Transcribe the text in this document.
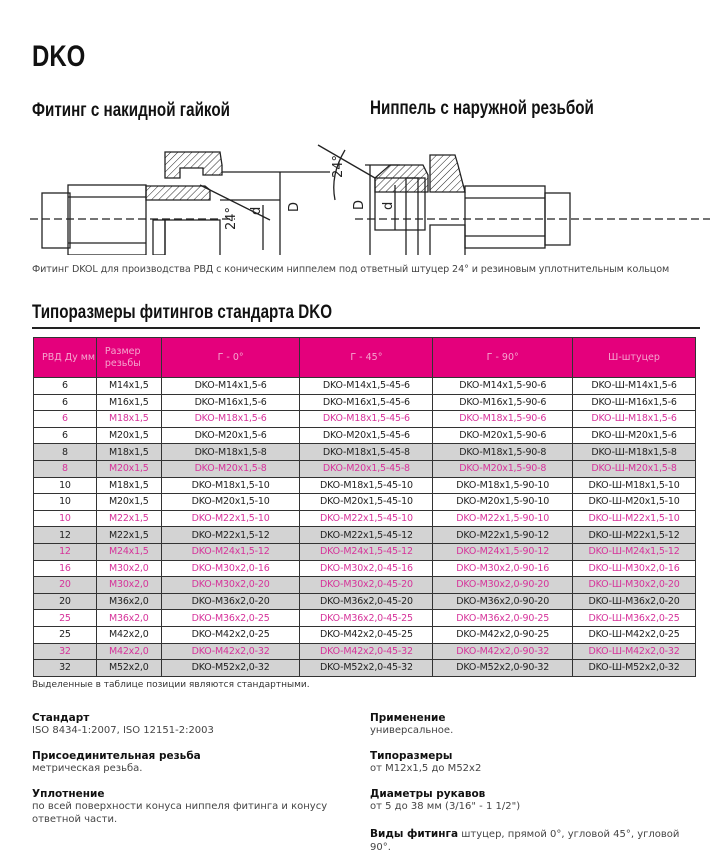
DKO
Фитинг с накидной гайкой	Ниппель с наружной резьбой
24° d D
24°
D d
Фитинг DKOL для производства РВД с коническим ниппелем под ответный штуцер 24° и резиновым уплотнительным кольцом
Типоразмеры фитингов стандарта DKO
РВД Ду мм	Размер резьбы	Г - 0°	Г - 45°	Г - 90°	Ш-штуцер
6	M14x1,5	DKO-M14x1,5-6	DKO-M14x1,5-45-6	DKO-M14x1,5-90-6	DKO-Ш-M14x1,5-6
6	M16x1,5	DKO-M16x1,5-6	DKO-M16x1,5-45-6	DKO-M16x1,5-90-6	DKO-Ш-M16x1,5-6
6	M18x1,5	DKO-M18x1,5-6	DKO-M18x1,5-45-6	DKO-M18x1,5-90-6	DKO-Ш-M18x1,5-6
6	M20x1,5	DKO-M20x1,5-6	DKO-M20x1,5-45-6	DKO-M20x1,5-90-6	DKO-Ш-M20x1,5-6
8	M18x1,5	DKO-M18x1,5-8	DKO-M18x1,5-45-8	DKO-M18x1,5-90-8	DKO-Ш-M18x1,5-8
8	M20x1,5	DKO-M20x1,5-8	DKO-M20x1,5-45-8	DKO-M20x1,5-90-8	DKO-Ш-M20x1,5-8
10	M18x1,5	DKO-M18x1,5-10	DKO-M18x1,5-45-10	DKO-M18x1,5-90-10	DKO-Ш-M18x1,5-10
10	M20x1,5	DKO-M20x1,5-10	DKO-M20x1,5-45-10	DKO-M20x1,5-90-10	DKO-Ш-M20x1,5-10
10	M22x1,5	DKO-M22x1,5-10	DKO-M22x1,5-45-10	DKO-M22x1,5-90-10	DKO-Ш-M22x1,5-10
12	M22x1,5	DKO-M22x1,5-12	DKO-M22x1,5-45-12	DKO-M22x1,5-90-12	DKO-Ш-M22x1,5-12
12	M24x1,5	DKO-M24x1,5-12	DKO-M24x1,5-45-12	DKO-M24x1,5-90-12	DKO-Ш-M24x1,5-12
16	M30x2,0	DKO-M30x2,0-16	DKO-M30x2,0-45-16	DKO-M30x2,0-90-16	DKO-Ш-M30x2,0-16
20	M30x2,0	DKO-M30x2,0-20	DKO-M30x2,0-45-20	DKO-M30x2,0-90-20	DKO-Ш-M30x2,0-20
20	M36x2,0	DKO-M36x2,0-20	DKO-M36x2,0-45-20	DKO-M36x2,0-90-20	DKO-Ш-M36x2,0-20
25	M36x2,0	DKO-M36x2,0-25	DKO-M36x2,0-45-25	DKO-M36x2,0-90-25	DKO-Ш-M36x2,0-25
25	M42x2,0	DKO-M42x2,0-25	DKO-M42x2,0-45-25	DKO-M42x2,0-90-25	DKO-Ш-M42x2,0-25
32	M42x2,0	DKO-M42x2,0-32	DKO-M42x2,0-45-32	DKO-M42x2,0-90-32	DKO-Ш-M42x2,0-32
32	M52x2,0	DKO-M52x2,0-32	DKO-M52x2,0-45-32	DKO-M52x2,0-90-32	DKO-Ш-M52x2,0-32
Выделенные в таблице позиции являются стандартными.
Стандарт

ISO 8434-1:2007, ISO 12151-2:2003

Присоединительная резьба

метрическая резьба.

Уплотнение

по всей поверхности конуса ниппеля фитинга и конусу ответной части.

Применение

универсальное.

Типоразмеры

от M12x1,5 до M52x2

Диаметры рукавов

от 5 до 38 мм (3/16" - 1 1/2")

Виды фитинга штуцер, прямой 0°, угловой 45°, угловой 90°.
